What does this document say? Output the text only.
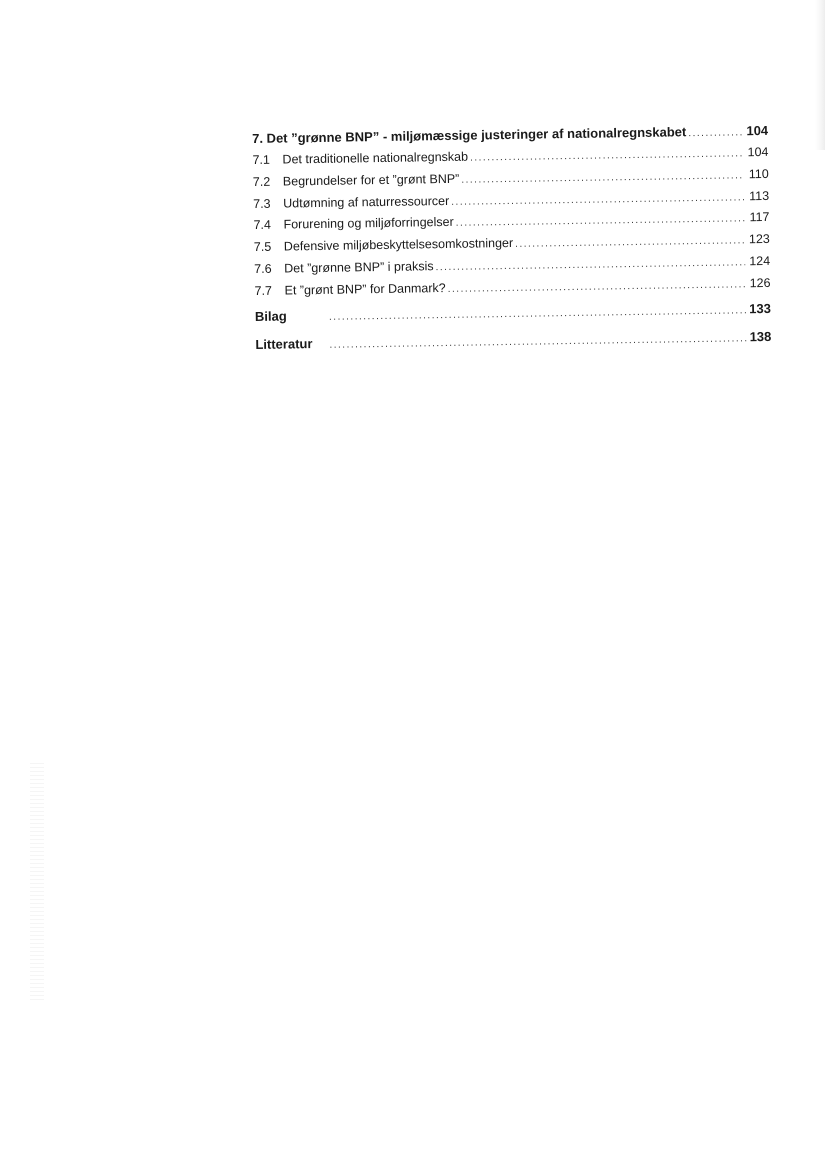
7. Det ”grønne BNP” - miljømæssige justeringer af nationalregnskabet .....	104
7.1 Det traditionelle nationalregnskab .....	104
7.2 Begrundelser for et ”grønt BNP” .....	110
7.3 Udtømning af naturressourcer .....	113
7.4 Forurening og miljøforringelser .....	117
7.5 Defensive miljøbeskyttelsesomkostninger .....	123
7.6 Det ”grønne BNP” i praksis .....	124
7.7 Et ”grønt BNP” for Danmark? .....	126
Bilag .....	133
Litteratur .....	138
